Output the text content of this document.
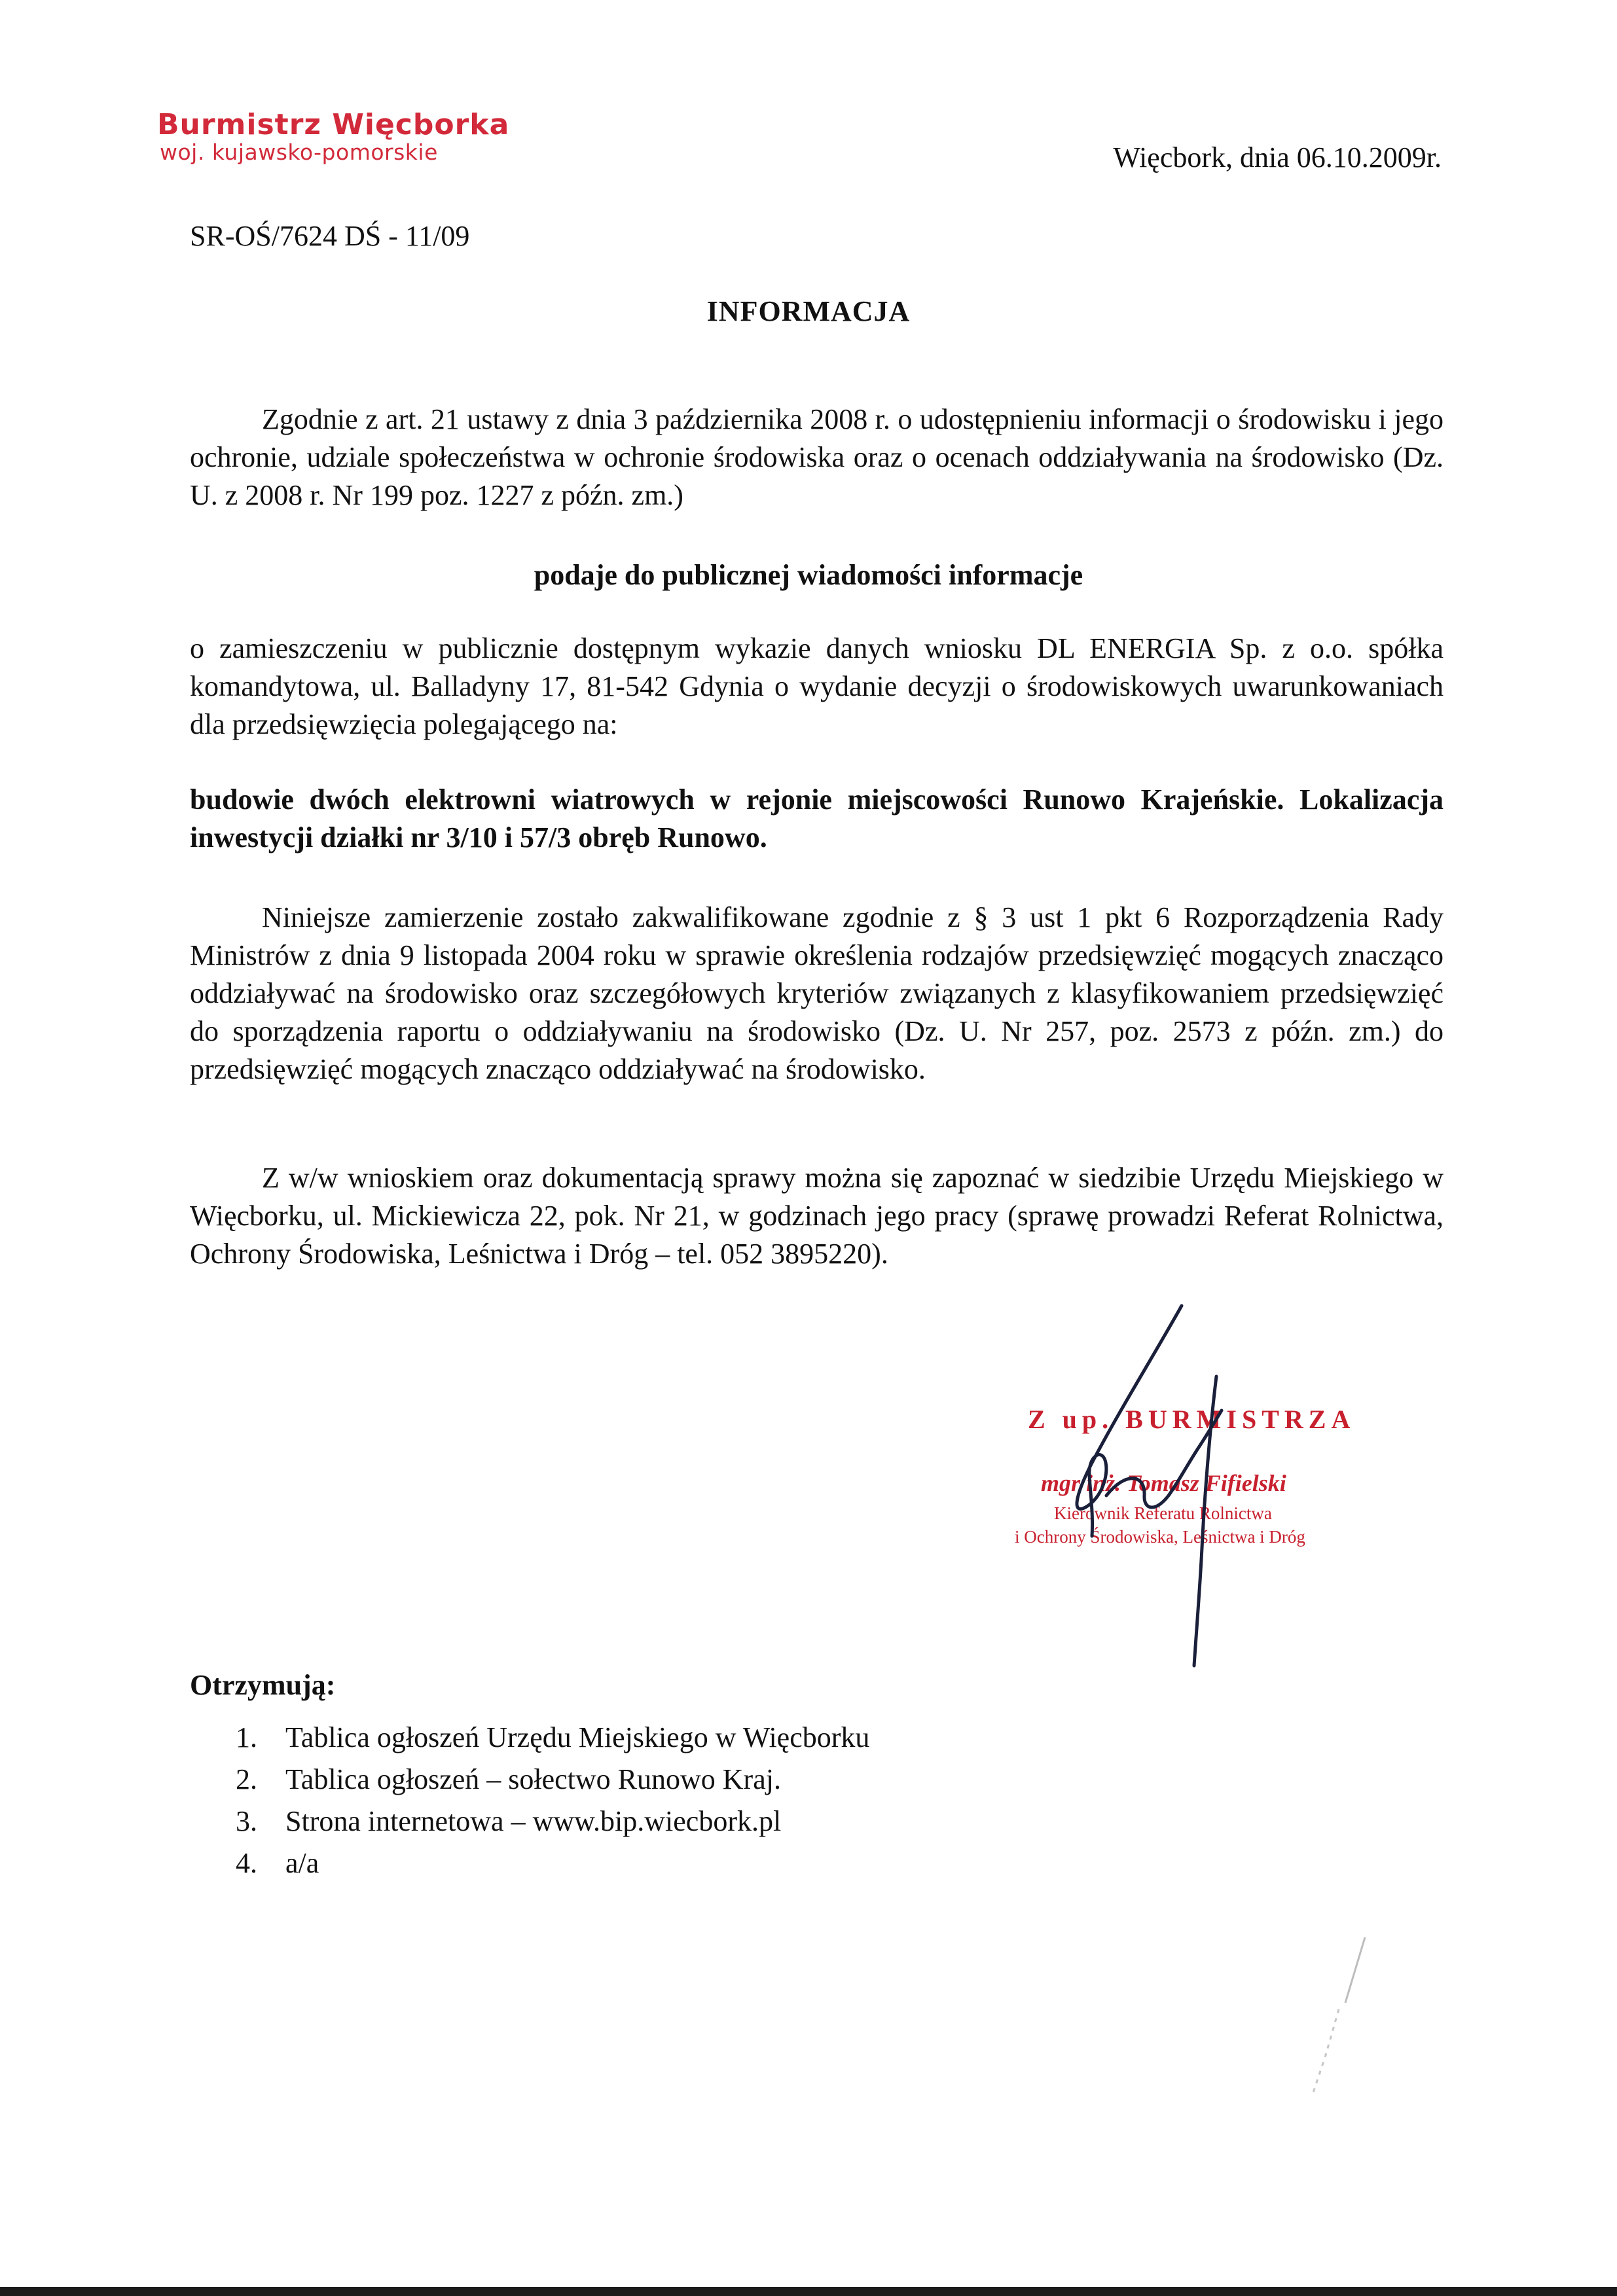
Burmistrz Więcborka
woj. kujawsko-pomorskie	Więcbork, dnia 06.10.2009r.
SR-OŚ/7624 DŚ - 11/09
INFORMACJA

Zgodnie z art. 21 ustawy z dnia 3 października 2008 r. o udostępnieniu informacji o środowisku i jego ochronie, udziale społeczeństwa w ochronie środowiska oraz o ocenach oddziaływania na środowisko (Dz. U. z 2008 r. Nr 199 poz. 1227 z późn. zm.)

podaje do publicznej wiadomości informacje

o zamieszczeniu w publicznie dostępnym wykazie danych wniosku DL ENERGIA Sp. z o.o. spółka komandytowa, ul. Balladyny 17, 81-542 Gdynia o wydanie decyzji o środowiskowych uwarunkowaniach dla przedsięwzięcia polegającego na:

budowie dwóch elektrowni wiatrowych w rejonie miejscowości Runowo Krajeńskie. Lokalizacja inwestycji działki nr 3/10 i 57/3 obręb Runowo.

Niniejsze zamierzenie zostało zakwalifikowane zgodnie z § 3 ust 1 pkt 6 Rozporządzenia Rady Ministrów z dnia 9 listopada 2004 roku w sprawie określenia rodzajów przedsięwzięć mogących znacząco oddziaływać na środowisko oraz szczegółowych kryteriów związanych z klasyfikowaniem przedsięwzięć do sporządzenia raportu o oddziaływaniu na środowisko (Dz. U. Nr 257, poz. 2573 z późn. zm.) do przedsięwzięć mogących znacząco oddziaływać na środowisko.

Z w/w wnioskiem oraz dokumentacją sprawy można się zapoznać w siedzibie Urzędu Miejskiego w Więcborku, ul. Mickiewicza 22, pok. Nr 21, w godzinach jego pracy (sprawę prowadzi Referat Rolnictwa, Ochrony Środowiska, Leśnictwa i Dróg – tel. 052 3895220).

Z up. BURMISTRZA
mgr inż. Tomasz Fifielski
Kierownik Referatu Rolnictwa
i Ochrony Środowiska, Leśnictwa i Dróg
Otrzymują:
1. Tablica ogłoszeń Urzędu Miejskiego w Więcborku
2. Tablica ogłoszeń – sołectwo Runowo Kraj.
3. Strona internetowa – www.bip.wiecbork.pl
4. a/a
